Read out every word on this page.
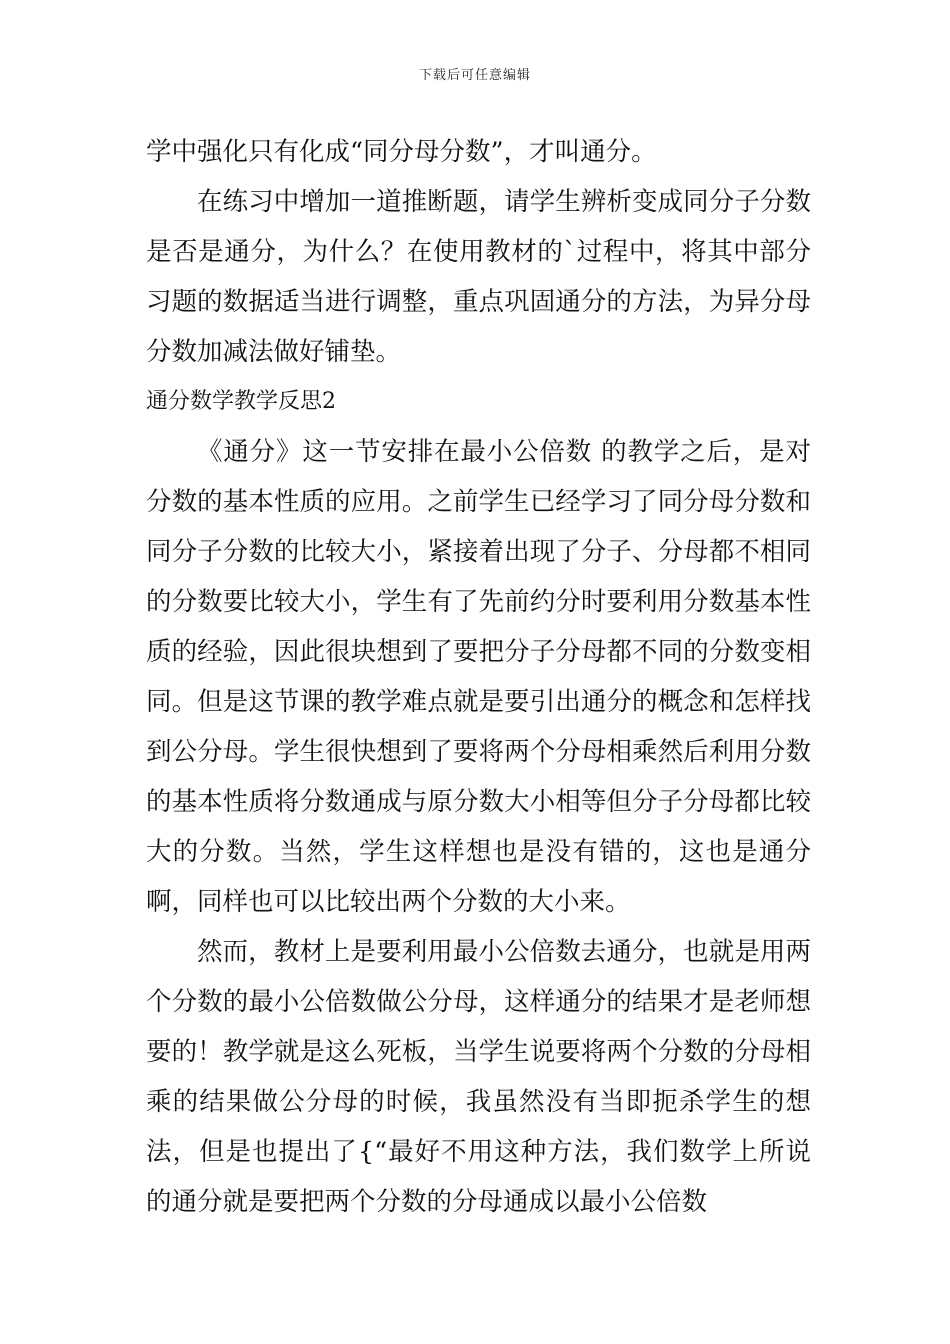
下载后可任意编辑

学中强化只有化成“同分母分数”，才叫通分。

在练习中增加一道推断题，请学生辨析变成同分子分数是否是通分，为什么？在使用教材的`过程中，将其中部分习题的数据适当进行调整，重点巩固通分的方法，为异分母分数加减法做好铺垫。

通分数学教学反思2

《通分》这一节安排在最小公倍数 的教学之后，是对分数的基本性质的应用。之前学生已经学习了同分母分数和同分子分数的比较大小，紧接着出现了分子、分母都不相同的分数要比较大小，学生有了先前约分时要利用分数基本性质的经验，因此很块想到了要把分子分母都不同的分数变相同。但是这节课的教学难点就是要引出通分的概念和怎样找到公分母。学生很快想到了要将两个分母相乘然后利用分数的基本性质将分数通成与原分数大小相等但分子分母都比较大的分数。当然，学生这样想也是没有错的，这也是通分啊，同样也可以比较出两个分数的大小来。

然而，教材上是要利用最小公倍数去通分，也就是用两个分数的最小公倍数做公分母，这样通分的结果才是老师想要的！教学就是这么死板，当学生说要将两个分数的分母相乘的结果做公分母的时候，我虽然没有当即扼杀学生的想法，但是也提出了{“最好不用这种方法，我们数学上所说的通分就是要把两个分数的分母通成以最小公倍数
